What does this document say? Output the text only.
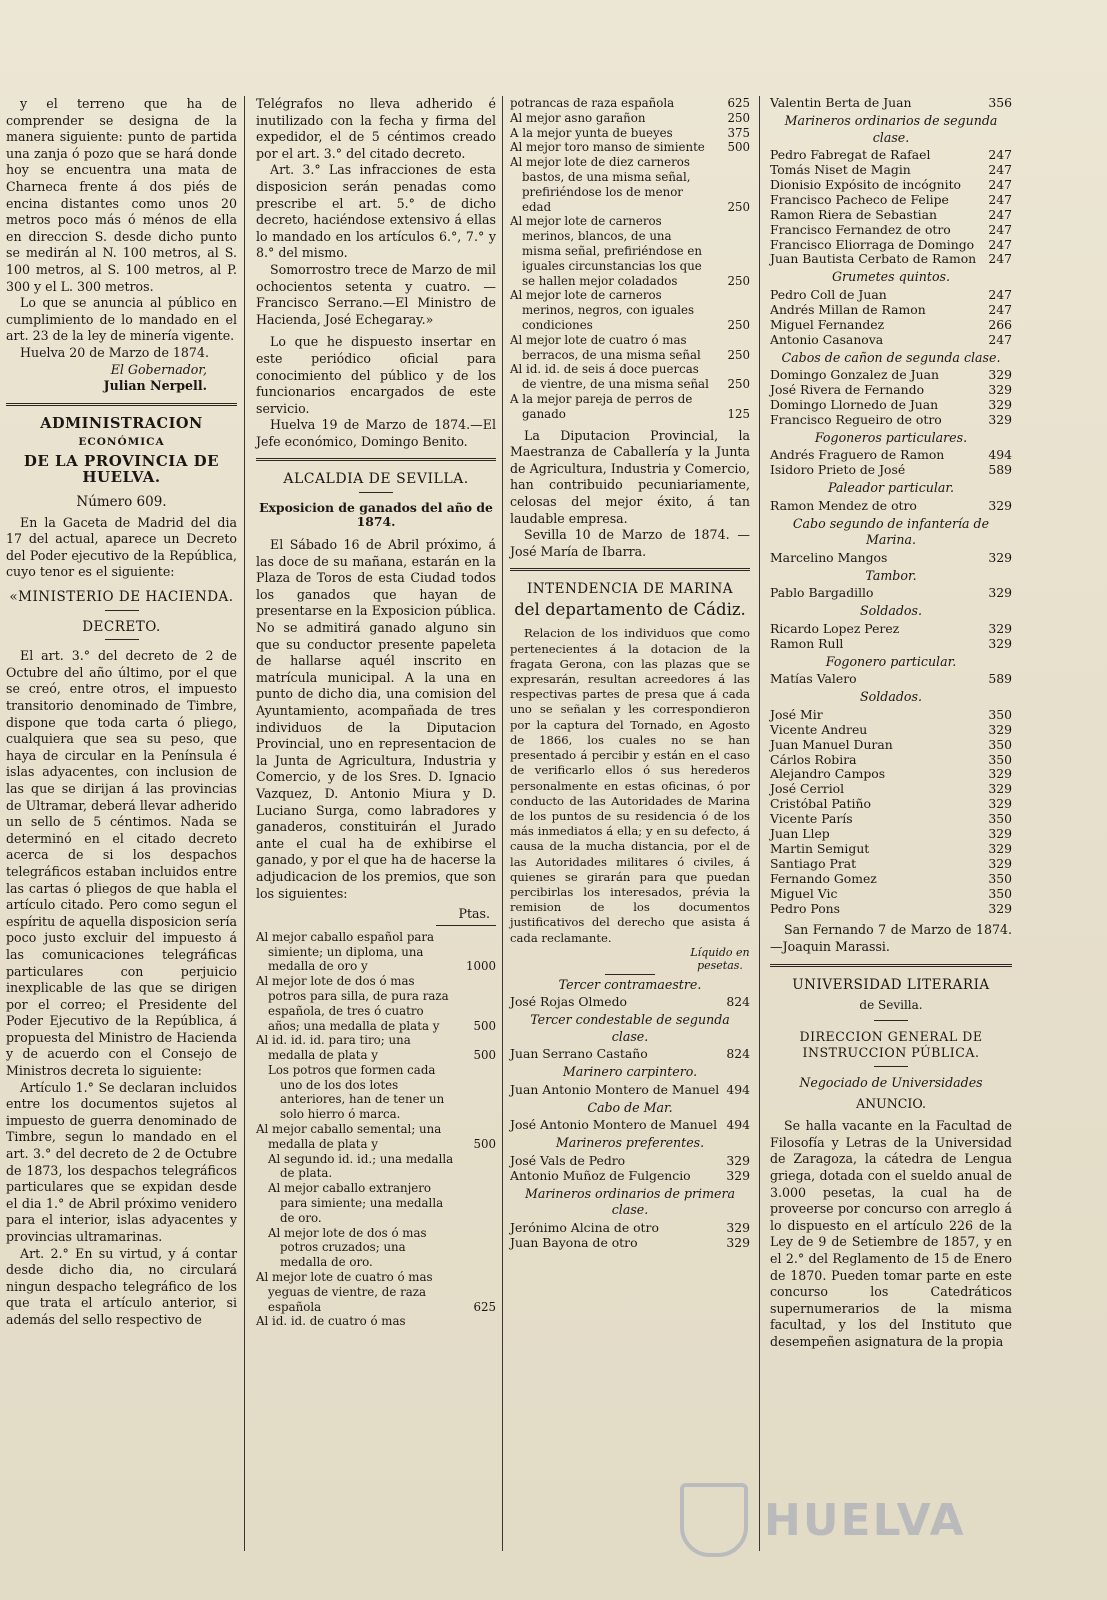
y el terreno que ha de comprender se designa de la manera siguiente: punto de partida una zanja ó pozo que se hará donde hoy se encuentra una mata de Charneca frente á dos piés de encina distantes como unos 20 metros poco más ó ménos de ella en direccion S. desde dicho punto se medirán al N. 100 metros, al S. 100 metros, al S. 100 metros, al P. 300 y el L. 300 metros.

Lo que se anuncia al público en cumplimiento de lo mandado en el art. 23 de la ley de minería vigente.

Huelva 20 de Marzo de 1874.

El Gobernador,

Julian Nerpell.

ADMINISTRACION
ECONÓMICA
DE LA PROVINCIA DE HUELVA.
Número 609.

En la Gaceta de Madrid del dia 17 del actual, aparece un Decreto del Poder ejecutivo de la República, cuyo tenor es el siguiente:

«MINISTERIO DE HACIENDA.
DECRETO.

El art. 3.° del decreto de 2 de Octubre del año último, por el que se creó, entre otros, el impuesto transitorio denominado de Timbre, dispone que toda carta ó pliego, cualquiera que sea su peso, que haya de circular en la Península é islas adyacentes, con inclusion de las que se dirijan á las provincias de Ultramar, deberá llevar adherido un sello de 5 céntimos. Nada se determinó en el citado decreto acerca de si los despachos telegráficos estaban incluidos entre las cartas ó pliegos de que habla el artículo citado. Pero como segun el espíritu de aquella disposicion sería poco justo excluir del impuesto á las comunicaciones telegráficas particulares con perjuicio inexplicable de las que se dirigen por el correo; el Presidente del Poder Ejecutivo de la República, á propuesta del Ministro de Hacienda y de acuerdo con el Consejo de Ministros decreta lo siguiente:

Artículo 1.° Se declaran incluidos entre los documentos sujetos al impuesto de guerra denominado de Timbre, segun lo mandado en el art. 3.° del decreto de 2 de Octubre de 1873, los despachos telegráficos particulares que se expidan desde el dia 1.° de Abril próximo venidero para el interior, islas adyacentes y provincias ultramarinas.

Art. 2.° En su virtud, y á contar desde dicho dia, no circulará ningun despacho telegráfico de los que trata el artículo anterior, si además del sello respectivo de

Telégrafos no lleva adherido é inutilizado con la fecha y firma del expedidor, el de 5 céntimos creado por el art. 3.° del citado decreto.

Art. 3.° Las infracciones de esta disposicion serán penadas como prescribe el art. 5.° de dicho decreto, haciéndose extensivo á ellas lo mandado en los artículos 6.°, 7.° y 8.° del mismo.

Somorrostro trece de Marzo de mil ochocientos setenta y cuatro. —Francisco Serrano.—El Ministro de Hacienda, José Echegaray.»

Lo que he dispuesto insertar en este periódico oficial para conocimiento del público y de los funcionarios encargados de este servicio.

Huelva 19 de Marzo de 1874.—El Jefe económico, Domingo Benito.

ALCALDIA DE SEVILLA.
Exposicion de ganados del año de 1874.

El Sábado 16 de Abril próximo, á las doce de su mañana, estarán en la Plaza de Toros de esta Ciudad todos los ganados que hayan de presentarse en la Exposicion pública. No se admitirá ganado alguno sin que su conductor presente papeleta de hallarse aquél inscrito en matrícula municipal. A la una en punto de dicho dia, una comision del Ayuntamiento, acompañada de tres individuos de la Diputacion Provincial, uno en representacion de la Junta de Agricultura, Industria y Comercio, y de los Sres. D. Ignacio Vazquez, D. Antonio Miura y D. Luciano Surga, como labradores y ganaderos, constituirán el Jurado ante el cual ha de exhibirse el ganado, y por el que ha de hacerse la adjudicacion de los premios, que son los siguientes:

Ptas.
Al mejor caballo español para simiente; un diploma, una medalla de oro y	1000
Al mejor lote de dos ó mas potros para silla, de pura raza española, de tres ó cuatro años; una medalla de plata y	500
Al id. id. id. para tiro; una medalla de plata y	500
Los potros que formen cada uno de los dos lotes anteriores, han de tener un solo hierro ó marca.
Al mejor caballo semental; una medalla de plata y	500
Al segundo id. id.; una medalla de plata.
Al mejor caballo extranjero para simiente; una medalla de oro.
Al mejor lote de dos ó mas potros cruzados; una medalla de oro.
Al mejor lote de cuatro ó mas yeguas de vientre, de raza española	625
Al id. id. de cuatro ó mas
potrancas de raza española	625
Al mejor asno garañon	250
A la mejor yunta de bueyes	375
Al mejor toro manso de simiente	500
Al mejor lote de diez carneros bastos, de una misma señal, prefiriéndose los de menor edad	250
Al mejor lote de carneros merinos, blancos, de una misma señal, prefiriéndose en iguales circunstancias los que se hallen mejor coladados	250
Al mejor lote de carneros merinos, negros, con iguales condiciones	250
Al mejor lote de cuatro ó mas berracos, de una misma señal	250
Al id. id. de seis á doce puercas de vientre, de una misma señal	250
A la mejor pareja de perros de ganado	125

La Diputacion Provincial, la Maestranza de Caballería y la Junta de Agricultura, Industria y Comercio, han contribuido pecuniariamente, celosas del mejor éxito, á tan laudable empresa.

Sevilla 10 de Marzo de 1874. —José María de Ibarra.

INTENDENCIA DE MARINA
del departamento de Cádiz.

Relacion de los individuos que como pertenecientes á la dotacion de la fragata Gerona, con las plazas que se expresarán, resultan acreedores á las respectivas partes de presa que á cada uno se señalan y les correspondieron por la captura del Tornado, en Agosto de 1866, los cuales no se han presentado á percibir y están en el caso de verificarlo ellos ó sus herederos personalmente en estas oficinas, ó por conducto de las Autoridades de Marina de los puntos de su residencia ó de los más inmediatos á ella; y en su defecto, á causa de la mucha distancia, por el de las Autoridades militares ó civiles, á quienes se girarán para que puedan percibirlas los interesados, prévia la remision de los documentos justificativos del derecho que asista á cada reclamante.

Líquido en pesetas.
Tercer contramaestre.
José Rojas Olmedo	824
Tercer condestable de segunda clase.
Juan Serrano Castaño	824
Marinero carpintero.
Juan Antonio Montero de Manuel 494
Cabo de Mar.
José Antonio Montero de Manuel 494
Marineros preferentes.
José Vals de Pedro	329
Antonio Muñoz de Fulgencio	329
Marineros ordinarios de primera clase.
Jerónimo Alcina de otro	329
Juan Bayona de otro	329
Valentin Berta de Juan	356
Marineros ordinarios de segunda clase.
Pedro Fabregat de Rafael	247
Tomás Niset de Magin	247
Dionisio Expósito de incógnito	247
Francisco Pacheco de Felipe	247
Ramon Riera de Sebastian	247
Francisco Fernandez de otro	247
Francisco Eliorraga de Domingo	247
Juan Bautista Cerbato de Ramon 247
Grumetes quintos.
Pedro Coll de Juan	247
Andrés Millan de Ramon	247
Miguel Fernandez	266
Antonio Casanova	247
Cabos de cañon de segunda clase.
Domingo Gonzalez de Juan	329
José Rivera de Fernando	329
Domingo Llornedo de Juan	329
Francisco Regueiro de otro	329
Fogoneros particulares.
Andrés Fraguero de Ramon	494
Isidoro Prieto de José	589
Paleador particular.
Ramon Mendez de otro	329
Cabo segundo de infantería de Marina.
Marcelino Mangos	329
Tambor.
Pablo Bargadillo	329
Soldados.
Ricardo Lopez Perez	329
Ramon Rull	329
Fogonero particular.
Matías Valero	589
Soldados.
José Mir	350
Vicente Andreu	329
Juan Manuel Duran	350
Cárlos Robira	350
Alejandro Campos	329
José Cerriol	329
Cristóbal Patiño	329
Vicente París	350
Juan Llep	329
Martin Semigut	329
Santiago Prat	329
Fernando Gomez	350
Miguel Vic	350
Pedro Pons	329

San Fernando 7 de Marzo de 1874. —Joaquin Marassi.

UNIVERSIDAD LITERARIA
de Sevilla.
DIRECCION GENERAL DE INSTRUCCION PÚBLICA.
Negociado de Universidades
ANUNCIO.

Se halla vacante en la Facultad de Filosofía y Letras de la Universidad de Zaragoza, la cátedra de Lengua griega, dotada con el sueldo anual de 3.000 pesetas, la cual ha de proveerse por concurso con arreglo á lo dispuesto en el artículo 226 de la Ley de 9 de Setiembre de 1857, y en el 2.° del Reglamento de 15 de Enero de 1870. Pueden tomar parte en este concurso los Catedráticos supernumerarios de la misma facultad, y los del Instituto que desempeñen asignatura de la propia

HUELVA
